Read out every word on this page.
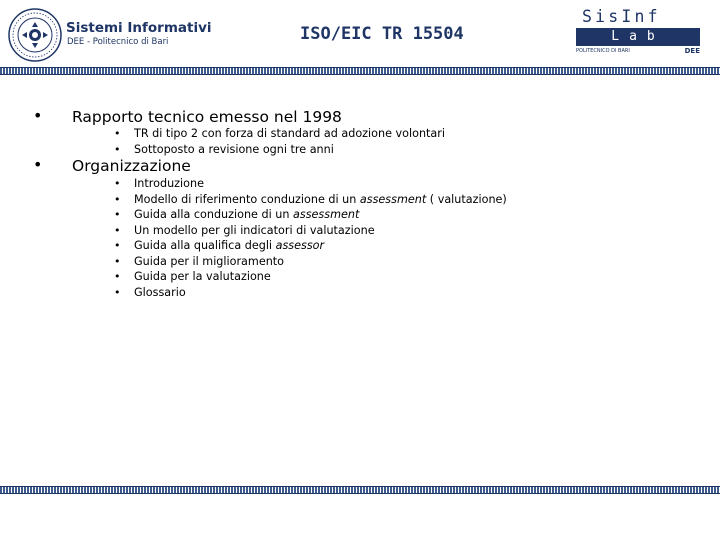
Sistemi Informativi
DEE - Politecnico di Bari	ISO/EIC TR 15504
SisInf
Lab
POLITECNICO DI BARI	DEE
• Rapporto tecnico emesso nel 1998
• TR di tipo 2 con forza di standard ad adozione volontari
• Sottoposto a revisione ogni tre anni
• Organizzazione
• Introduzione
• Modello di riferimento conduzione di un assessment ( valutazione)
• Guida alla conduzione di un assessment
• Un modello per gli indicatori di valutazione
• Guida alla qualifica degli assessor
• Guida per il miglioramento
• Guida per la valutazione
• Glossario
